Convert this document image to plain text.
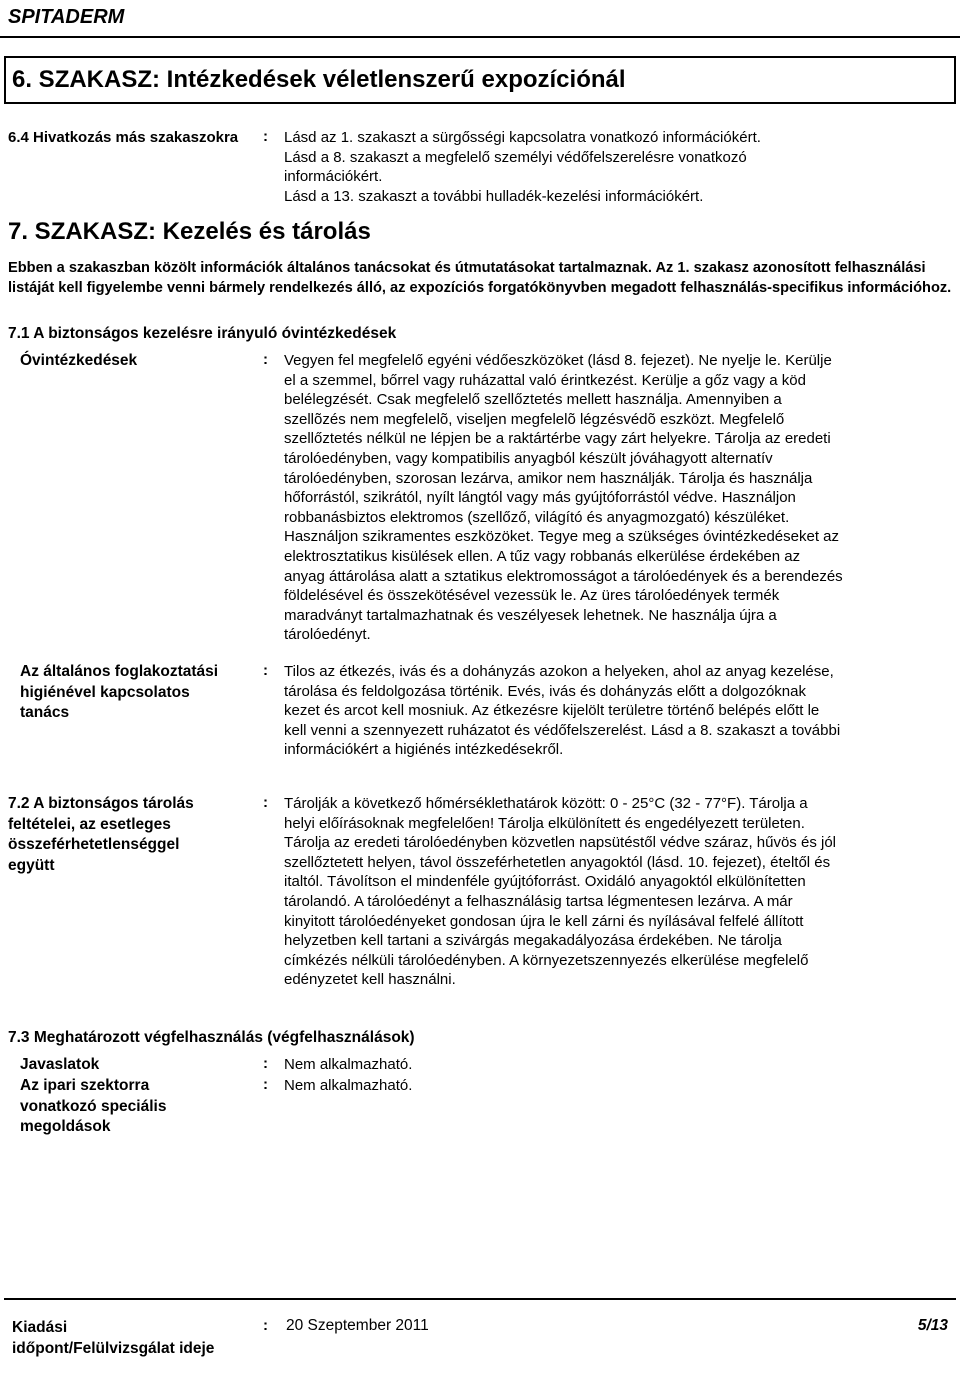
SPITADERM
6. SZAKASZ: Intézkedések véletlenszerű expozíciónál
6.4 Hivatkozás más szakaszokra	: Lásd az 1. szakaszt a sürgősségi kapcsolatra vonatkozó információkért.
Lásd a 8. szakaszt a megfelelő személyi védőfelszerelésre vonatkozó
információkért.
Lásd a 13. szakaszt a további hulladék-kezelési információkért.
7. SZAKASZ: Kezelés és tárolás
Ebben a szakaszban közölt információk általános tanácsokat és útmutatásokat tartalmaznak. Az 1. szakasz azonosított felhasználási listáját kell figyelembe venni bármely rendelkezés álló, az expozíciós forgatókönyvben megadott felhasználás-specifikus információhoz.
7.1 A biztonságos kezelésre irányuló óvintézkedések
Óvintézkedések	: Vegyen fel megfelelő egyéni védőeszközöket (lásd 8. fejezet). Ne nyelje le. Kerülje
el a szemmel, bőrrel vagy ruházattal való érintkezést. Kerülje a gőz vagy a köd
belélegzését. Csak megfelelő szellőztetés mellett használja. Amennyiben a
szellõzés nem megfelelõ, viseljen megfelelõ légzésvédõ eszközt. Megfelelő
szellőztetés nélkül ne lépjen be a raktártérbe vagy zárt helyekre. Tárolja az eredeti
tárolóedényben, vagy kompatibilis anyagból készült jóváhagyott alternatív
tárolóedényben, szorosan lezárva, amikor nem használják. Tárolja és használja
hőforrástól, szikrától, nyílt lángtól vagy más gyújtóforrástól védve. Használjon
robbanásbiztos elektromos (szellőző, világító és anyagmozgató) készüléket.
Használjon szikramentes eszközöket. Tegye meg a szükséges óvintézkedéseket az
elektrosztatikus kisülések ellen. A tűz vagy robbanás elkerülése érdekében az
anyag áttárolása alatt a sztatikus elektromosságot a tárolóedények és a berendezés
földelésével és összekötésével vezessük le. Az üres tárolóedények termék
maradványt tartalmazhatnak és veszélyesek lehetnek. Ne használja újra a
tárolóedényt.
Az általános foglakoztatási
higiénével kapcsolatos
tanács
: Tilos az étkezés, ivás és a dohányzás azokon a helyeken, ahol az anyag kezelése,
tárolása és feldolgozása történik. Evés, ivás és dohányzás előtt a dolgozóknak
kezet és arcot kell mosniuk. Az étkezésre kijelölt területre történő belépés előtt le
kell venni a szennyezett ruházatot és védőfelszerelést. Lásd a 8. szakaszt a további
információkért a higiénés intézkedésekről.
7.2 A biztonságos tárolás
feltételei, az esetleges
összeférhetetlenséggel
együtt
: Tárolják a következő hőmérséklethatárok között: 0 - 25°C (32 - 77°F). Tárolja a
helyi előírásoknak megfelelően! Tárolja elkülönített és engedélyezett területen.
Tárolja az eredeti tárolóedényben közvetlen napsütéstől védve száraz, hűvös és jól
szellőztetett helyen, távol összeférhetetlen anyagoktól (lásd. 10. fejezet), ételtől és
italtól. Távolítson el mindenféle gyújtóforrást. Oxidáló anyagoktól elkülönítetten
tárolandó. A tárolóedényt a felhasználásig tartsa légmentesen lezárva. A már
kinyitott tárolóedényeket gondosan újra le kell zárni és nyílásával felfelé állított
helyzetben kell tartani a szivárgás megakadályozása érdekében. Ne tárolja
címkézés nélküli tárolóedényben. A környezetszennyezés elkerülése megfelelő
edényzetet kell használni.
7.3 Meghatározott végfelhasználás (végfelhasználások)
Javaslatok	: Nem alkalmazható.
Az ipari szektorra
vonatkozó speciális
megoldások
: Nem alkalmazható.
Kiadási
időpont/Felülvizsgálat ideje
: 20 Szeptember 2011	5/13
